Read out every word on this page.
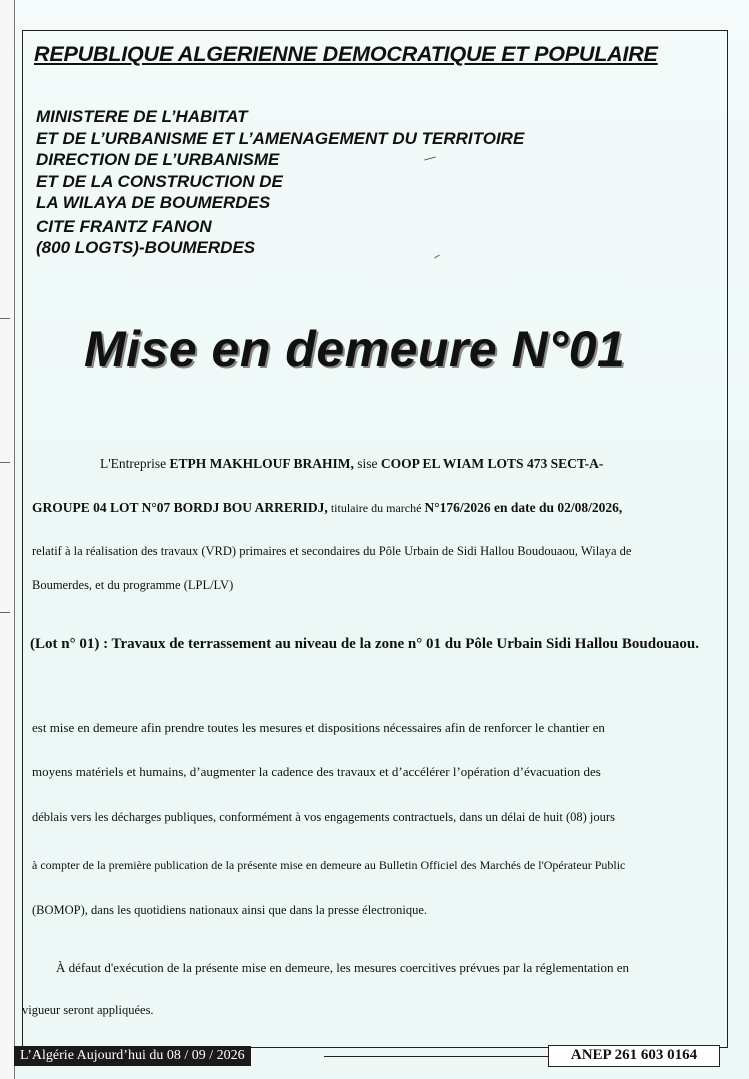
REPUBLIQUE ALGERIENNE DEMOCRATIQUE ET POPULAIRE
MINISTERE DE L’HABITAT
ET DE L’URBANISME ET L’AMENAGEMENT DU TERRITOIRE
DIRECTION DE L’URBANISME
ET DE LA CONSTRUCTION DE
LA WILAYA DE BOUMERDES
CITE FRANTZ FANON
(800 LOGTS)-BOUMERDES
Mise en demeure N°01
L'Entreprise ETPH MAKHLOUF BRAHIM, sise COOP EL WIAM LOTS 473 SECT-A-
GROUPE 04 LOT N°07 BORDJ BOU ARRERIDJ, titulaire du marché N°176/2026 en date du 02/08/2026,
relatif à la réalisation des travaux (VRD) primaires et secondaires du Pôle Urbain de Sidi Hallou Boudouaou, Wilaya de
Boumerdes, et du programme (LPL/LV)
(Lot n° 01) : Travaux de terrassement au niveau de la zone n° 01 du Pôle Urbain Sidi Hallou Boudouaou.
est mise en demeure afin prendre toutes les mesures et dispositions nécessaires afin de renforcer le chantier en
moyens matériels et humains, d’augmenter la cadence des travaux et d’accélérer l’opération d’évacuation des
déblais vers les décharges publiques, conformément à vos engagements contractuels, dans un délai de huit (08) jours
à compter de la première publication de la présente mise en demeure au Bulletin Officiel des Marchés de l'Opérateur Public
(BOMOP), dans les quotidiens nationaux ainsi que dans la presse électronique.
À défaut d'exécution de la présente mise en demeure, les mesures coercitives prévues par la réglementation en
vigueur seront appliquées.
L’Algérie Aujourd’hui du 08 / 09 / 2026	ANEP 261 603 0164
